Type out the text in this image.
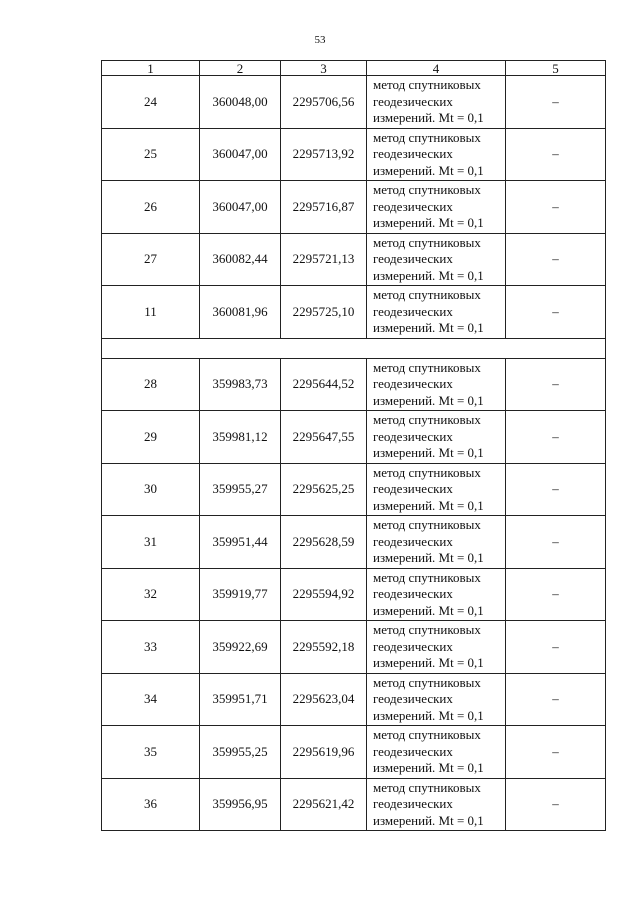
53
1	2	3	4	5
24	360048,00	2295706,56	метод спутниковых
геодезических
измерений. Mt = 0,1	–
25	360047,00	2295713,92	метод спутниковых
геодезических
измерений. Mt = 0,1	–
26	360047,00	2295716,87	метод спутниковых
геодезических
измерений. Mt = 0,1	–
27	360082,44	2295721,13	метод спутниковых
геодезических
измерений. Mt = 0,1	–
11	360081,96	2295725,10	метод спутниковых
геодезических
измерений. Mt = 0,1	–

28	359983,73	2295644,52	метод спутниковых
геодезических
измерений. Mt = 0,1	–
29	359981,12	2295647,55	метод спутниковых
геодезических
измерений. Mt = 0,1	–
30	359955,27	2295625,25	метод спутниковых
геодезических
измерений. Mt = 0,1	–
31	359951,44	2295628,59	метод спутниковых
геодезических
измерений. Mt = 0,1	–
32	359919,77	2295594,92	метод спутниковых
геодезических
измерений. Mt = 0,1	–
33	359922,69	2295592,18	метод спутниковых
геодезических
измерений. Mt = 0,1	–
34	359951,71	2295623,04	метод спутниковых
геодезических
измерений. Mt = 0,1	–
35	359955,25	2295619,96	метод спутниковых
геодезических
измерений. Mt = 0,1	–
36	359956,95	2295621,42	метод спутниковых
геодезических
измерений. Mt = 0,1	–
